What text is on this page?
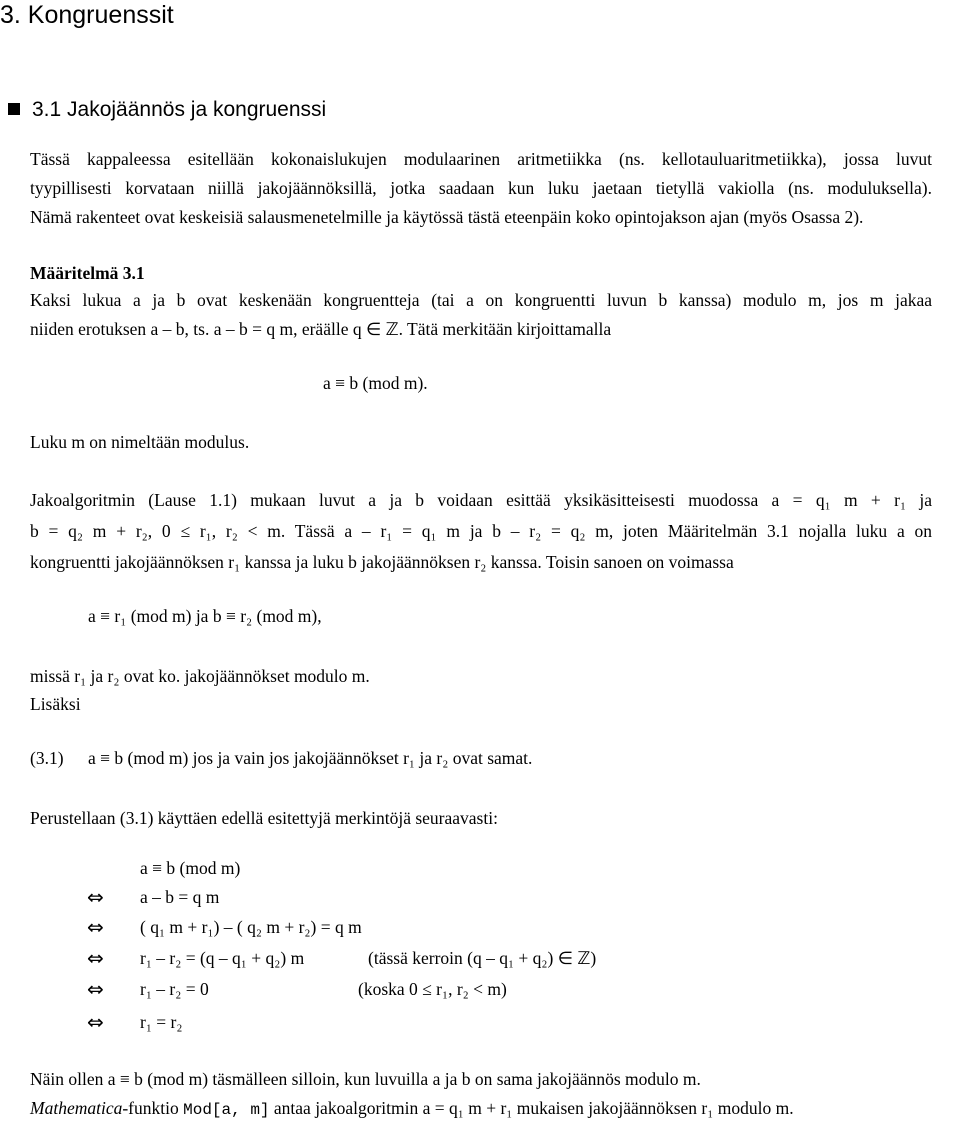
3. Kongruenssit
3.1 Jakojäännös ja kongruenssi
Tässä kappaleessa esitellään kokonaislukujen modulaarinen aritmetiikka (ns. kellotauluaritmetiikka), jossa luvut
tyypillisesti korvataan niillä jakojäännöksillä, jotka saadaan kun luku jaetaan tietyllä vakiolla (ns. moduluksella).
Nämä rakenteet ovat keskeisiä salausmenetelmille ja käytössä tästä eteenpäin koko opintojakson ajan (myös Osassa 2).
Määritelmä 3.1
Kaksi lukua a ja b ovat keskenään kongruentteja (tai a on kongruentti luvun b kanssa) modulo m, jos m jakaa
niiden erotuksen a – b, ts. a – b = q m, eräälle q ∈ ℤ. Tätä merkitään kirjoittamalla
a ≡ b (mod m).
Luku m on nimeltään modulus.
Jakoalgoritmin (Lause 1.1) mukaan luvut a ja b voidaan esittää yksikäsitteisesti muodossa a = q₁ m + r₁ ja
b = q₂ m + r₂, 0 ≤ r₁, r₂ < m. Tässä a – r₁ = q₁ m ja b – r₂ = q₂ m, joten Määritelmän 3.1 nojalla luku a on
kongruentti jakojäännöksen r₁ kanssa ja luku b jakojäännöksen r₂ kanssa. Toisin sanoen on voimassa
a ≡ r₁ (mod m) ja b ≡ r₂ (mod m),
missä r₁ ja r₂ ovat ko. jakojäännökset modulo m.
Lisäksi
(3.1) a ≡ b (mod m) jos ja vain jos jakojäännökset r₁ ja r₂ ovat samat.
Perustellaan (3.1) käyttäen edellä esitettyjä merkintöjä seuraavasti:
a ≡ b (mod m)
⇔ a – b = q m
⇔ ( q₁ m + r₁) – ( q₂ m + r₂) = q m
⇔ r₁ – r₂ = (q – q₁ + q₂) m	(tässä kerroin (q – q₁ + q₂) ∈ ℤ)
⇔ r₁ – r₂ = 0	(koska 0 ≤ r₁, r₂ < m)
⇔ r₁ = r₂
Näin ollen a ≡ b (mod m) täsmälleen silloin, kun luvuilla a ja b on sama jakojäännös modulo m.
Mathematica-funktio Mod[a, m] antaa jakoalgoritmin a = q₁ m + r₁ mukaisen jakojäännöksen r₁ modulo m.
